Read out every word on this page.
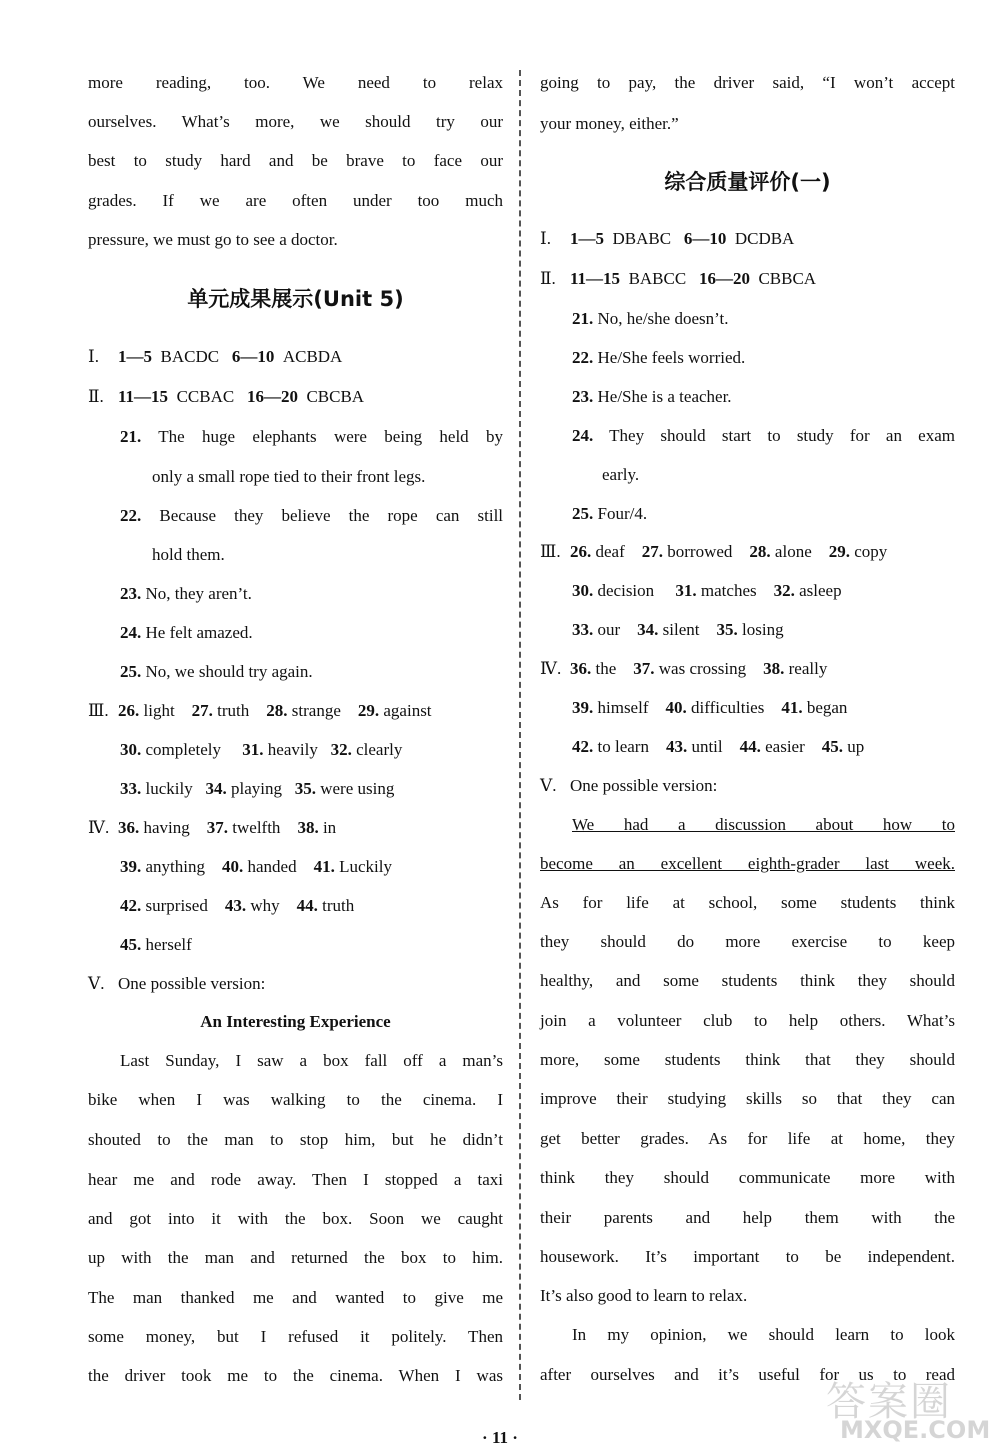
more reading, too. We need to relax
ourselves. What’s more, we should try our
best to study hard and be brave to face our
grades. If we are often under too much
pressure, we must go to see a doctor.
单元成果展示(Unit 5)
Ⅰ. 1—5 BACDC 6—10 ACBDA
Ⅱ. 11—15 CCBAC 16—20 CBCBA
21. The huge elephants were being held by
only a small rope tied to their front legs.
22. Because they believe the rope can still
hold them.
23. No, they aren’t.
24. He felt amazed.
25. No, we should try again.
Ⅲ. 26. light 27. truth 28. strange 29. against
30. completely 31. heavily 32. clearly
33. luckily 34. playing 35. were using
Ⅳ. 36. having 37. twelfth 38. in
39. anything 40. handed 41. Luckily
42. surprised 43. why 44. truth
45. herself
Ⅴ. One possible version:
An Interesting Experience
Last Sunday, I saw a box fall off a man’s
bike when I was walking to the cinema. I
shouted to the man to stop him, but he didn’t
hear me and rode away. Then I stopped a taxi
and got into it with the box. Soon we caught
up with the man and returned the box to him.
The man thanked me and wanted to give me
some money, but I refused it politely. Then
the driver took me to the cinema. When I was
going to pay, the driver said, “I won’t accept
your money, either.”
综合质量评价(一)
Ⅰ. 1—5 DBABC 6—10 DCDBA
Ⅱ. 11—15 BABCC 16—20 CBBCA
21. No, he/she doesn’t.
22. He/She feels worried.
23. He/She is a teacher.
24. They should start to study for an exam
early.
25. Four/4.
Ⅲ. 26. deaf 27. borrowed 28. alone 29. copy
30. decision 31. matches 32. asleep
33. our 34. silent 35. losing
Ⅳ. 36. the 37. was crossing 38. really
39. himself 40. difficulties 41. began
42. to learn 43. until 44. easier 45. up
Ⅴ. One possible version:
We had a discussion about how to
become an excellent eighth-grader last week.
As for life at school, some students think
they should do more exercise to keep
healthy, and some students think they should
join a volunteer club to help others. What’s
more, some students think that they should
improve their studying skills so that they can
get better grades. As for life at home, they
think they should communicate more with
their parents and help them with the
housework. It’s important to be independent.
It’s also good to learn to relax.
In my opinion, we should learn to look
after ourselves and it’s useful for us to read
· 11 ·
答案圈
MXQE.COM
